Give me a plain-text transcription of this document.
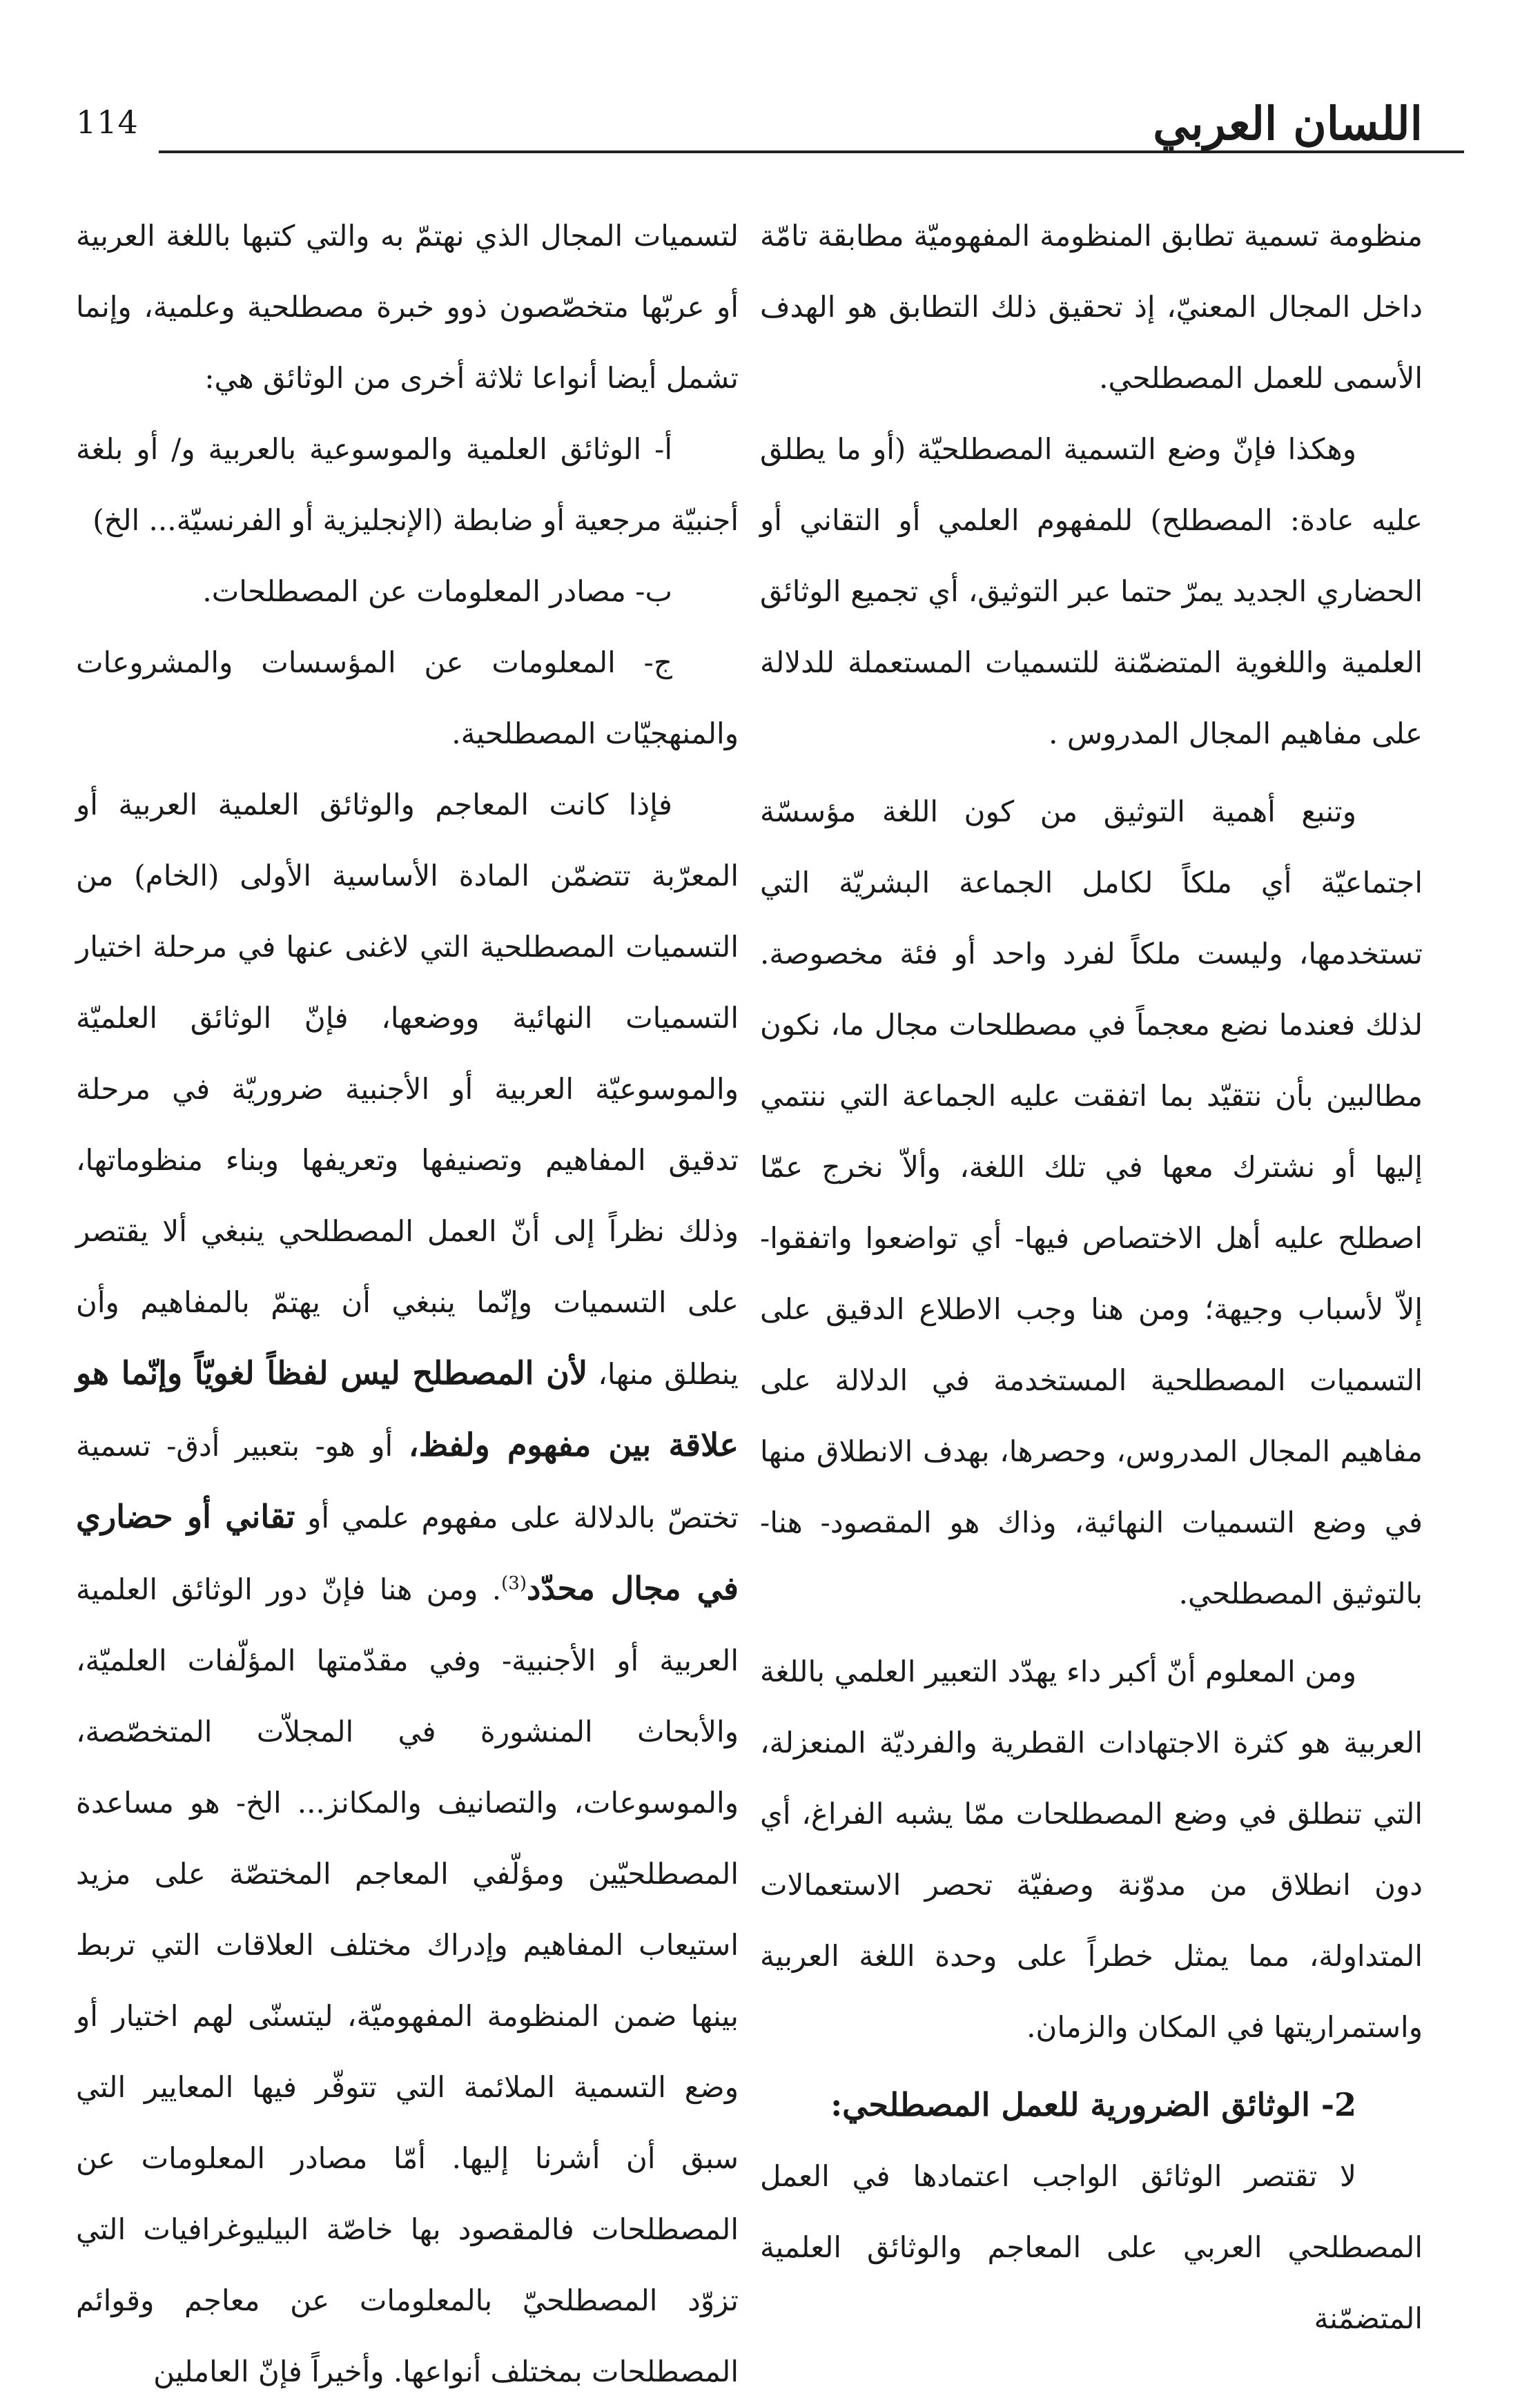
114	اللسان العربي

منظومة تسمية تطابق المنظومة المفهوميّة مطابقة تامّة داخل المجال المعنيّ، إذ تحقيق ذلك التطابق هو الهدف الأسمى للعمل المصطلحي.

وهكذا فإنّ وضع التسمية المصطلحيّة (أو ما يطلق عليه عادة: المصطلح) للمفهوم العلمي أو التقاني أو الحضاري الجديد يمرّ حتما عبر التوثيق، أي تجميع الوثائق العلمية واللغوية المتضمّنة للتسميات المستعملة للدلالة على مفاهيم المجال المدروس .

وتنبع أهمية التوثيق من كون اللغة مؤسسّة اجتماعيّة أي ملكاً لكامل الجماعة البشريّة التي تستخدمها، وليست ملكاً لفرد واحد أو فئة مخصوصة. لذلك فعندما نضع معجماً في مصطلحات مجال ما، نكون مطالبين بأن نتقيّد بما اتفقت عليه الجماعة التي ننتمي إليها أو نشترك معها في تلك اللغة، وألاّ نخرج عمّا اصطلح عليه أهل الاختصاص فيها- أي تواضعوا واتفقوا- إلاّ لأسباب وجيهة؛ ومن هنا وجب الاطلاع الدقيق على التسميات المصطلحية المستخدمة في الدلالة على مفاهيم المجال المدروس، وحصرها، بهدف الانطلاق منها في وضع التسميات النهائية، وذاك هو المقصود- هنا- بالتوثيق المصطلحي.

ومن المعلوم أنّ أكبر داء يهدّد التعبير العلمي باللغة العربية هو كثرة الاجتهادات القطرية والفرديّة المنعزلة، التي تنطلق في وضع المصطلحات ممّا يشبه الفراغ، أي دون انطلاق من مدوّنة وصفيّة تحصر الاستعمالات المتداولة، مما يمثل خطراً على وحدة اللغة العربية واستمراريتها في المكان والزمان.

2- الوثائق الضرورية للعمل المصطلحي:

لا تقتصر الوثائق الواجب اعتمادها في العمل المصطلحي العربي على المعاجم والوثائق العلمية المتضمّنة

لتسميات المجال الذي نهتمّ به والتي كتبها باللغة العربية أو عربّها متخصّصون ذوو خبرة مصطلحية وعلمية، وإنما تشمل أيضا أنواعا ثلاثة أخرى من الوثائق هي:

أ- الوثائق العلمية والموسوعية بالعربية و/ أو بلغة أجنبيّة مرجعية أو ضابطة (الإنجليزية أو الفرنسيّة... الخ)

ب- مصادر المعلومات عن المصطلحات.

ج- المعلومات عن المؤسسات والمشروعات والمنهجيّات المصطلحية.

فإذا كانت المعاجم والوثائق العلمية العربية أو المعرّبة تتضمّن المادة الأساسية الأولى (الخام) من التسميات المصطلحية التي لاغنى عنها في مرحلة اختيار التسميات النهائية ووضعها، فإنّ الوثائق العلميّة والموسوعيّة العربية أو الأجنبية ضروريّة في مرحلة تدقيق المفاهيم وتصنيفها وتعريفها وبناء منظوماتها، وذلك نظراً إلى أنّ العمل المصطلحي ينبغي ألا يقتصر على التسميات وإنّما ينبغي أن يهتمّ بالمفاهيم وأن ينطلق منها، لأن المصطلح ليس لفظاً لغويّاً وإنّما هو علاقة بين مفهوم ولفظ، أو هو- بتعبير أدق- تسمية تختصّ بالدلالة على مفهوم علمي أو تقاني أو حضاري في مجال محدّد$^{(3)}$. ومن هنا فإنّ دور الوثائق العلمية العربية أو الأجنبية- وفي مقدّمتها المؤلّفات العلميّة، والأبحاث المنشورة في المجلاّت المتخصّصة، والموسوعات، والتصانيف والمكانز... الخ- هو مساعدة المصطلحيّين ومؤلّفي المعاجم المختصّة على مزيد استيعاب المفاهيم وإدراك مختلف العلاقات التي تربط بينها ضمن المنظومة المفهوميّة، ليتسنّى لهم اختيار أو وضع التسمية الملائمة التي تتوفّر فيها المعايير التي سبق أن أشرنا إليها. أمّا مصادر المعلومات عن المصطلحات فالمقصود بها خاصّة البيليوغرافيات التي تزوّد المصطلحيّ بالمعلومات عن معاجم وقوائم المصطلحات بمختلف أنواعها. وأخيراً فإنّ العاملين
